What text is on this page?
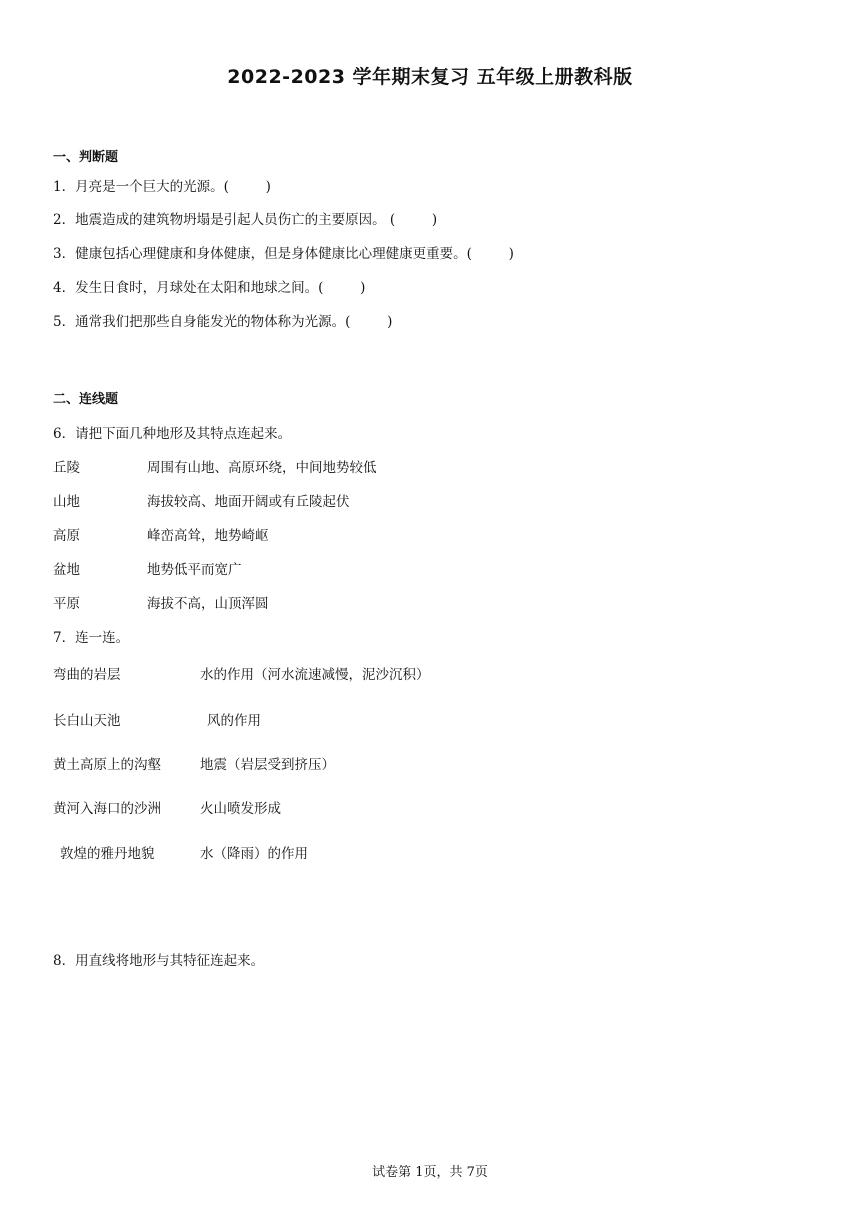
2022-2023 学年期末复习 五年级上册教科版
一、判断题
1．月亮是一个巨大的光源。(	)
2．地震造成的建筑物坍塌是引起人员伤亡的主要原因。 (	)
3．健康包括心理健康和身体健康，但是身体健康比心理健康更重要。(	)
4．发生日食时，月球处在太阳和地球之间。(	)
5．通常我们把那些自身能发光的物体称为光源。(	)
二、连线题
6．请把下面几种地形及其特点连起来。
丘陵	周围有山地、高原环绕，中间地势较低
山地	海拔较高、地面开阔或有丘陵起伏
高原	峰峦高耸，地势崎岖
盆地	地势低平而宽广
平原	海拔不高，山顶浑圆
7．连一连。
弯曲的岩层	水的作用（河水流速减慢，泥沙沉积）
长白山天池	风的作用
黄土高原上的沟壑	地震（岩层受到挤压）
黄河入海口的沙洲	火山喷发形成
敦煌的雅丹地貌	水（降雨）的作用
8．用直线将地形与其特征连起来。
试卷第 1页，共 7页
